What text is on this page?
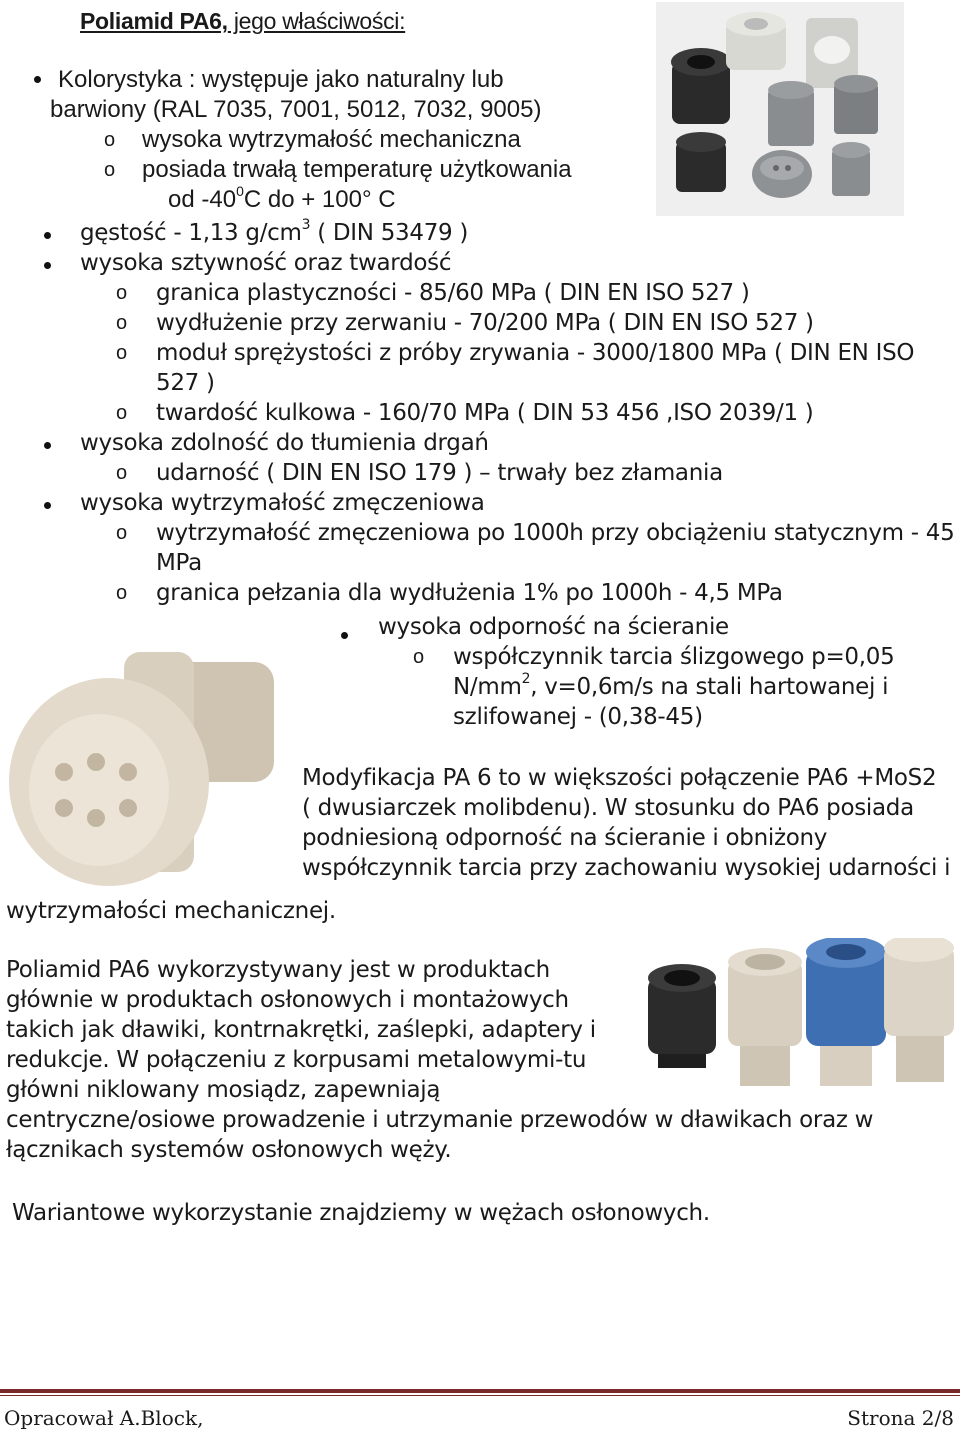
Poliamid PA6, jego właściwości:
Kolorystyka : występuje jako naturalny lub
barwiony (RAL 7035, 7001, 5012, 7032, 9005)
o wysoka wytrzymałość mechaniczna
o posiada trwałą temperaturę użytkowania
od $-40^0C$ do + 100° C
gęstość - 1,13 $g/cm^3$ ( DIN 53479 )
wysoka sztywność oraz twardość
o granica plastyczności - 85/60 MPa ( DIN EN ISO 527 )
o wydłużenie przy zerwaniu - 70/200 MPa ( DIN EN ISO 527 )
o moduł sprężystości z próby zrywania - 3000/1800 MPa ( DIN EN ISO
527 )
o twardość kulkowa - 160/70 MPa ( DIN 53 456 ,ISO 2039/1 )
wysoka zdolność do tłumienia drgań
o udarność ( DIN EN ISO 179 ) – trwały bez złamania
wysoka wytrzymałość zmęczeniowa
o wytrzymałość zmęczeniowa po 1000h przy obciążeniu statycznym - 45
MPa
o granica pełzania dla wydłużenia 1% po 1000h - 4,5 MPa
wysoka odporność na ścieranie
o współczynnik tarcia ślizgowego p=0,05
$N/mm^2$, v=0,6m/s na stali hartowanej i
szlifowanej - (0,38-45)
Modyfikacja PA 6 to w większości połączenie PA6 +MoS2
( dwusiarczek molibdenu). W stosunku do PA6 posiada
podniesioną odporność na ścieranie i obniżony
współczynnik tarcia przy zachowaniu wysokiej udarności i
wytrzymałości mechanicznej.
Poliamid PA6 wykorzystywany jest w produktach
głównie w produktach osłonowych i montażowych
takich jak dławiki, kontrnakrętki, zaślepki, adaptery i
redukcje. W połączeniu z korpusami metalowymi-tu
główni niklowany mosiądz, zapewniają
centryczne/osiowe prowadzenie i utrzymanie przewodów w dławikach oraz w
łącznikach systemów osłonowych węży.
Wariantowe wykorzystanie znajdziemy w wężach osłonowych.
Opracował A.Block,	Strona 2/8
